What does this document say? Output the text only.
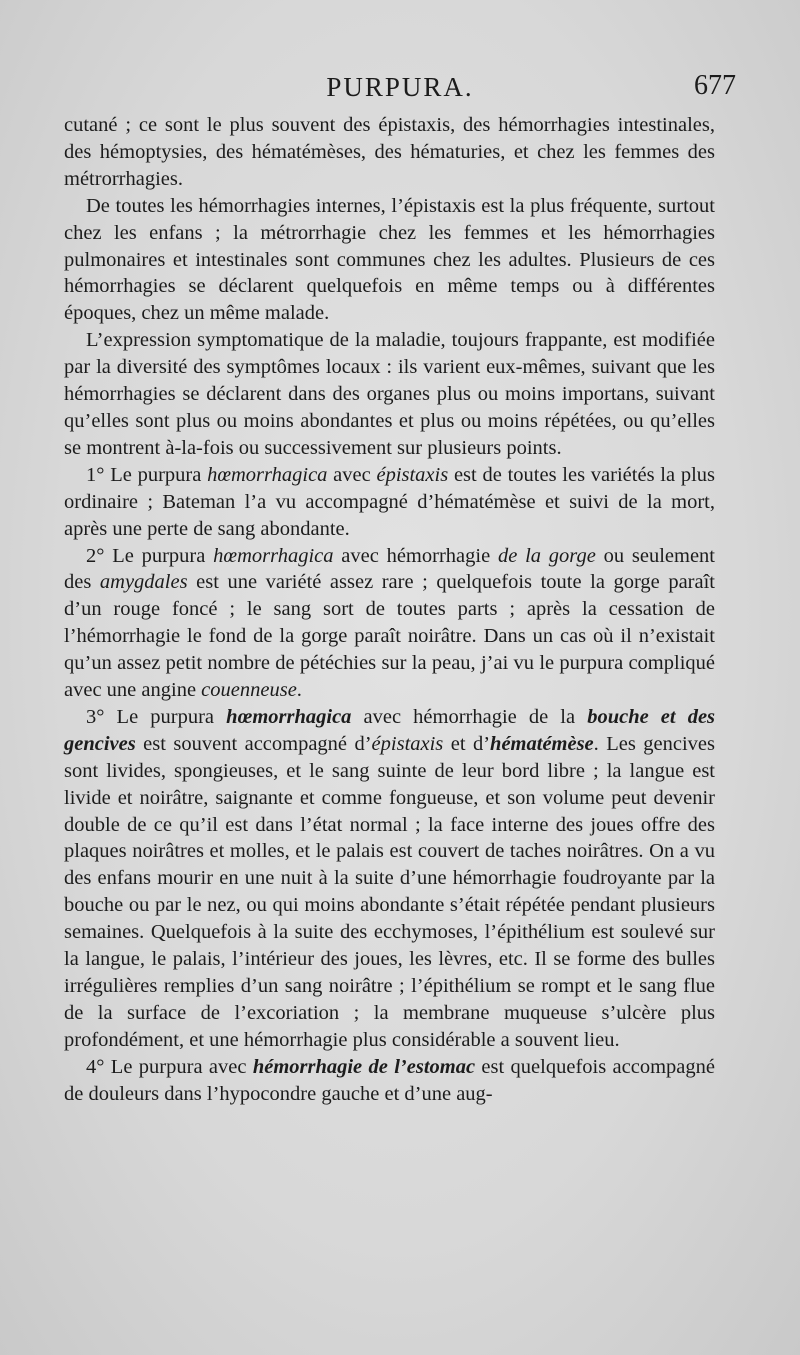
PURPURA.	677

cutané ; ce sont le plus souvent des épistaxis, des hémorrhagies intestinales, des hémoptysies, des hématémèses, des hématuries, et chez les femmes des métrorrhagies.

De toutes les hémorrhagies internes, l’épistaxis est la plus fréquente, surtout chez les enfans ; la métrorrhagie chez les femmes et les hémorrhagies pulmonaires et intestinales sont communes chez les adultes. Plusieurs de ces hémorrhagies se déclarent quelquefois en même temps ou à différentes époques, chez un même malade.

L’expression symptomatique de la maladie, toujours frappante, est modifiée par la diversité des symptômes locaux : ils varient eux-mêmes, suivant que les hémorrhagies se déclarent dans des organes plus ou moins importans, suivant qu’elles sont plus ou moins abondantes et plus ou moins répétées, ou qu’elles se montrent à-la-fois ou successivement sur plusieurs points.

1° Le purpura hœmorrhagica avec épistaxis est de toutes les variétés la plus ordinaire ; Bateman l’a vu accompagné d’hématémèse et suivi de la mort, après une perte de sang abondante.

2° Le purpura hœmorrhagica avec hémorrhagie de la gorge ou seulement des amygdales est une variété assez rare ; quelquefois toute la gorge paraît d’un rouge foncé ; le sang sort de toutes parts ; après la cessation de l’hémorrhagie le fond de la gorge paraît noirâtre. Dans un cas où il n’existait qu’un assez petit nombre de pétéchies sur la peau, j’ai vu le purpura compliqué avec une angine couenneuse.

3° Le purpura hœmorrhagica avec hémorrhagie de la bouche et des gencives est souvent accompagné d’épistaxis et d’hématémèse. Les gencives sont livides, spongieuses, et le sang suinte de leur bord libre ; la langue est livide et noirâtre, saignante et comme fongueuse, et son volume peut devenir double de ce qu’il est dans l’état normal ; la face interne des joues offre des plaques noirâtres et molles, et le palais est couvert de taches noirâtres. On a vu des enfans mourir en une nuit à la suite d’une hémorrhagie foudroyante par la bouche ou par le nez, ou qui moins abondante s’était répétée pendant plusieurs semaines. Quelquefois à la suite des ecchymoses, l’épithélium est soulevé sur la langue, le palais, l’intérieur des joues, les lèvres, etc. Il se forme des bulles irrégulières remplies d’un sang noirâtre ; l’épithélium se rompt et le sang flue de la surface de l’excoriation ; la membrane muqueuse s’ulcère plus profondément, et une hémorrhagie plus considérable a souvent lieu.

4° Le purpura avec hémorrhagie de l’estomac est quelquefois accompagné de douleurs dans l’hypocondre gauche et d’une aug-
